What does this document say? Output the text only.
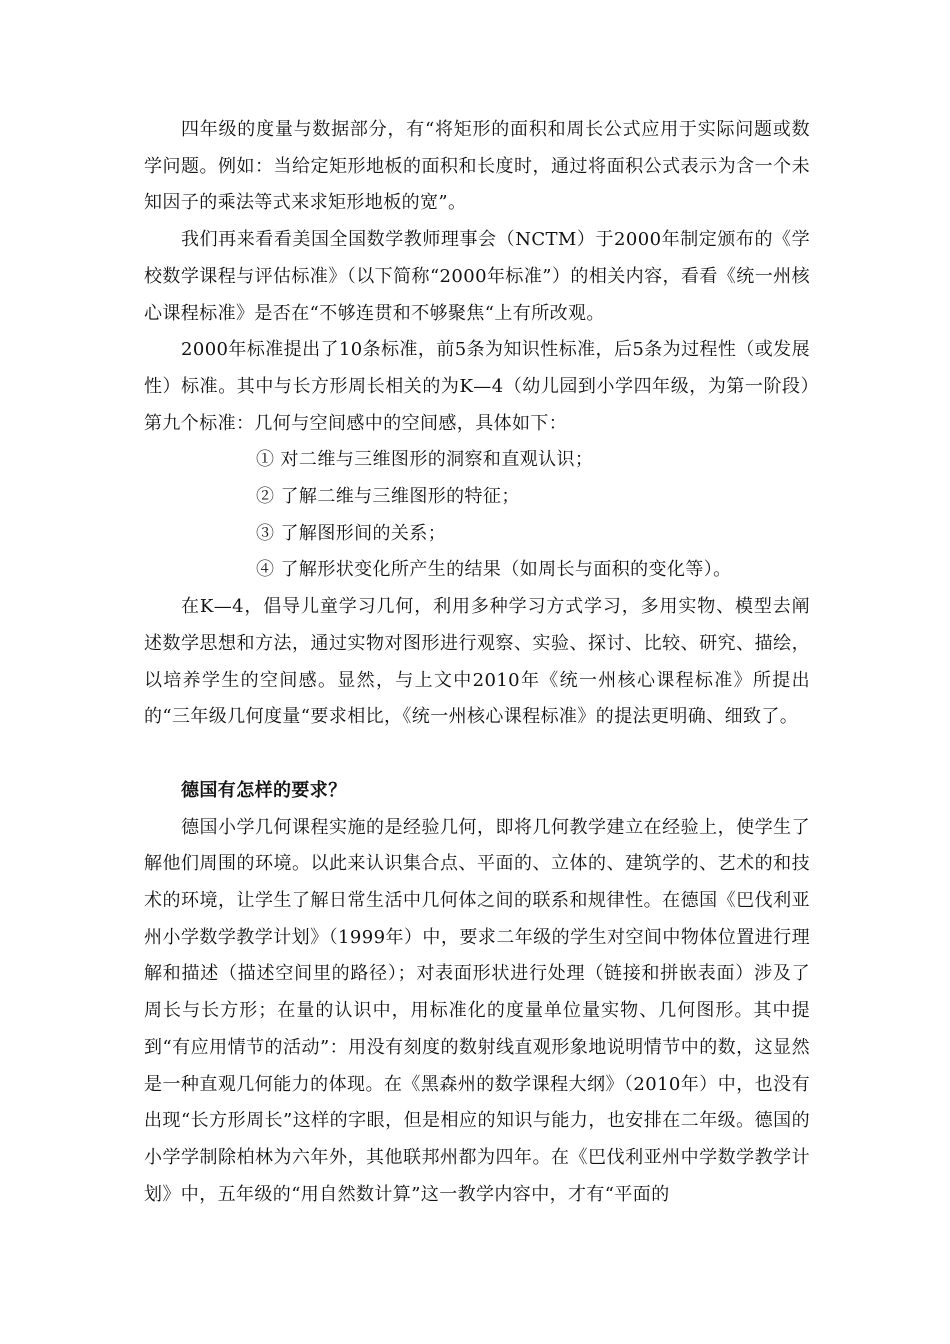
四年级的度量与数据部分，有“将矩形的面积和周长公式应用于实际问题或数学问题。例如：当给定矩形地板的面积和长度时，通过将面积公式表示为含一个未知因子的乘法等式来求矩形地板的宽”。

我们再来看看美国全国数学教师理事会（NCTM）于2000年制定颁布的《学校数学课程与评估标准》（以下简称“2000年标准”）的相关内容，看看《统一州核心课程标准》是否在“不够连贯和不够聚焦“上有所改观。

2000年标准提出了10条标准，前5条为知识性标准，后5条为过程性（或发展性）标准。其中与长方形周长相关的为K—4（幼儿园到小学四年级，为第一阶段）第九个标准：几何与空间感中的空间感，具体如下：

① 对二维与三维图形的洞察和直观认识；

② 了解二维与三维图形的特征；

③ 了解图形间的关系；

④ 了解形状变化所产生的结果（如周长与面积的变化等）。

在K—4，倡导儿童学习几何，利用多种学习方式学习，多用实物、模型去阐述数学思想和方法，通过实物对图形进行观察、实验、探讨、比较、研究、描绘，以培养学生的空间感。显然，与上文中2010年《统一州核心课程标准》所提出的“三年级几何度量“要求相比，《统一州核心课程标准》的提法更明确、细致了。

德国有怎样的要求？

德国小学几何课程实施的是经验几何，即将几何教学建立在经验上，使学生了解他们周围的环境。以此来认识集合点、平面的、立体的、建筑学的、艺术的和技术的环境，让学生了解日常生活中几何体之间的联系和规律性。在德国《巴伐利亚州小学数学教学计划》（1999年）中，要求二年级的学生对空间中物体位置进行理解和描述（描述空间里的路径）；对表面形状进行处理（链接和拼嵌表面）涉及了周长与长方形；在量的认识中，用标准化的度量单位量实物、几何图形。其中提到“有应用情节的活动”：用没有刻度的数射线直观形象地说明情节中的数，这显然是一种直观几何能力的体现。在《黑森州的数学课程大纲》（2010年）中，也没有出现“长方形周长”这样的字眼，但是相应的知识与能力，也安排在二年级。德国的小学学制除柏林为六年外，其他联邦州都为四年。在《巴伐利亚州中学数学教学计划》中，五年级的“用自然数计算”这一教学内容中，才有“平面的
